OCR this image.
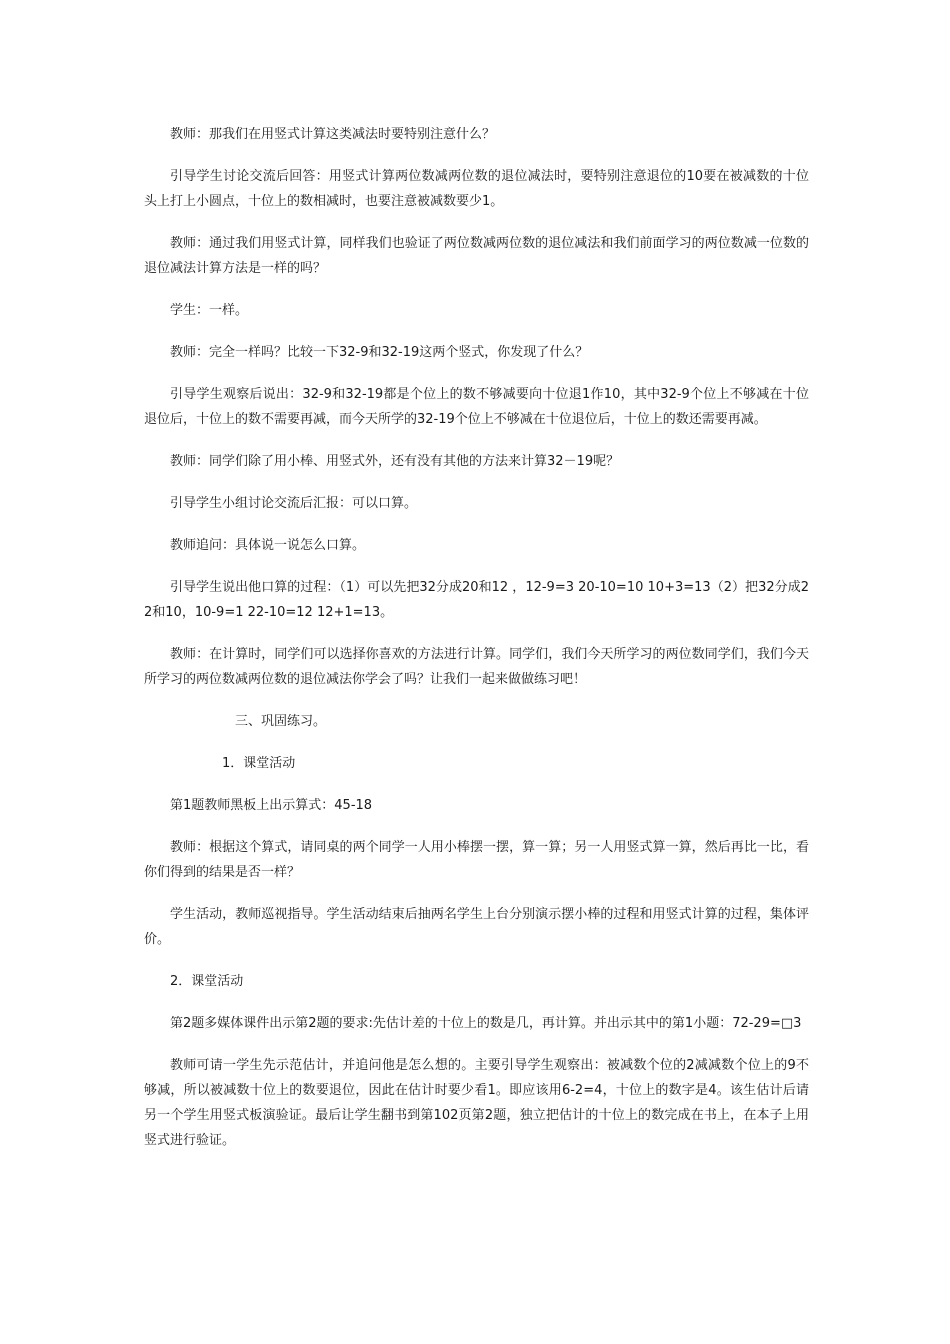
教师：那我们在用竖式计算这类减法时要特别注意什么？

引导学生讨论交流后回答：用竖式计算两位数减两位数的退位减法时，要特别注意退位的10要在被减数的十位头上打上小圆点，十位上的数相减时，也要注意被减数要少1。

教师：通过我们用竖式计算，同样我们也验证了两位数减两位数的退位减法和我们前面学习的两位数减一位数的退位减法计算方法是一样的吗？

学生：一样。

教师：完全一样吗？比较一下32-9和32-19这两个竖式，你发现了什么？

引导学生观察后说出：32-9和32-19都是个位上的数不够减要向十位退1作10，其中32-9个位上不够减在十位退位后，十位上的数不需要再减，而今天所学的32-19个位上不够减在十位退位后，十位上的数还需要再减。

教师：同学们除了用小棒、用竖式外，还有没有其他的方法来计算32－19呢？

引导学生小组讨论交流后汇报：可以口算。

教师追问：具体说一说怎么口算。

引导学生说出他口算的过程：（1）可以先把32分成20和12 ，12-9=3 20-10=10 10+3=13（2）把32分成22和10，10-9=1 22-10=12 12+1=13。

教师：在计算时，同学们可以选择你喜欢的方法进行计算。同学们，我们今天所学习的两位数同学们，我们今天所学习的两位数减两位数的退位减法你学会了吗？让我们一起来做做练习吧！

三、巩固练习。

1．课堂活动

第1题教师黑板上出示算式：45-18

教师：根据这个算式，请同桌的两个同学一人用小棒摆一摆，算一算；另一人用竖式算一算，然后再比一比，看你们得到的结果是否一样？

学生活动，教师巡视指导。学生活动结束后抽两名学生上台分别演示摆小棒的过程和用竖式计算的过程，集体评价。

2．课堂活动

第2题多媒体课件出示第2题的要求:先估计差的十位上的数是几，再计算。并出示其中的第1小题：72-29=□3

教师可请一学生先示范估计，并追问他是怎么想的。主要引导学生观察出：被减数个位的2减减数个位上的9不够减，所以被减数十位上的数要退位，因此在估计时要少看1。即应该用6-2=4，十位上的数字是4。该生估计后请另一个学生用竖式板演验证。最后让学生翻书到第102页第2题，独立把估计的十位上的数完成在书上，在本子上用竖式进行验证。
